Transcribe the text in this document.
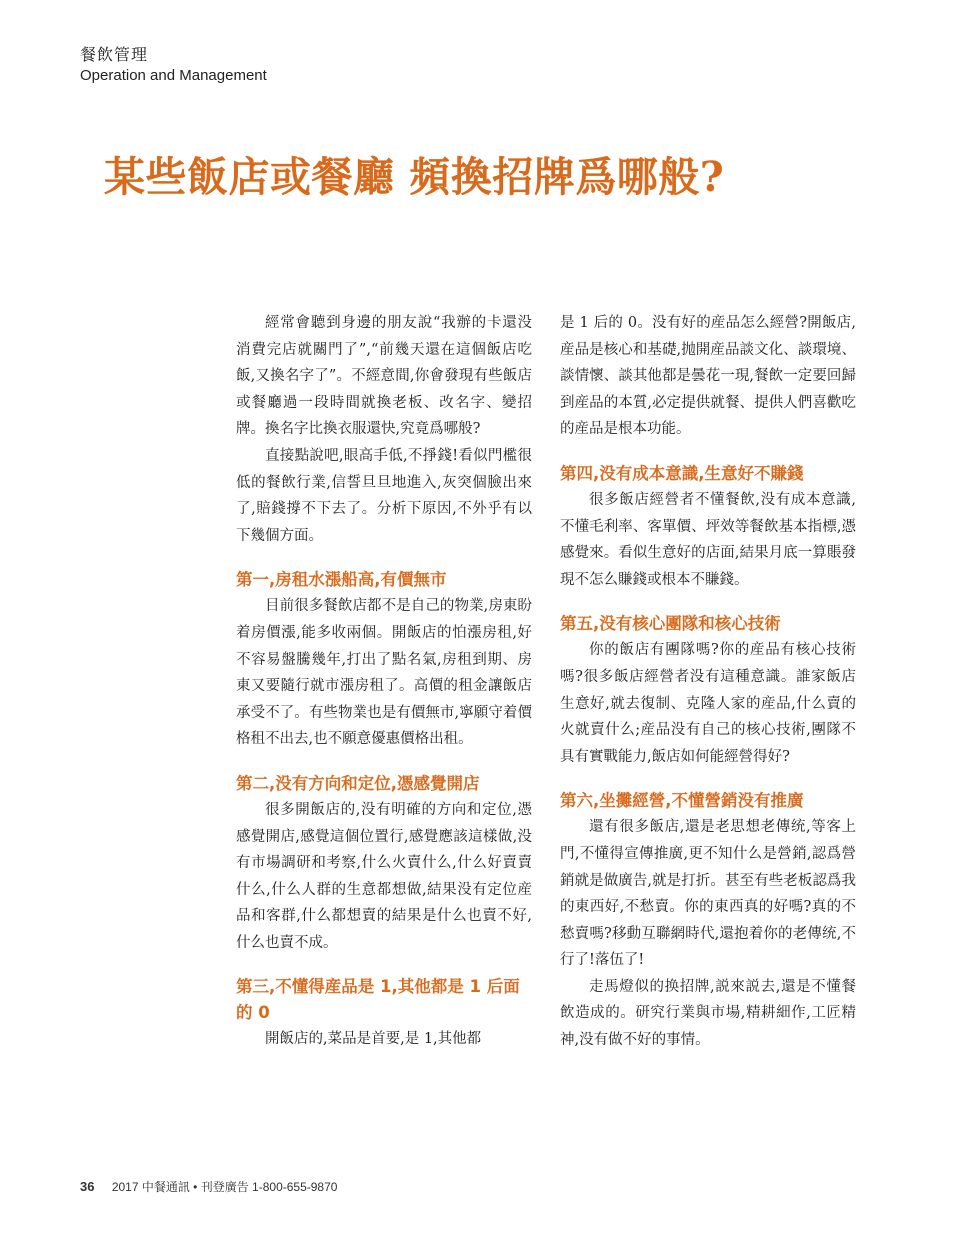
餐飲管理
Operation and Management
某些飯店或餐廳 頻換招牌爲哪般?

經常會聽到身邊的朋友說“我辦的卡還没消費完店就關門了”,“前幾天還在這個飯店吃飯,又換名字了”。不經意間,你會發現有些飯店或餐廳過一段時間就換老板、改名字、變招牌。換名字比換衣服還快,究竟爲哪般?

直接點說吧,眼高手低,不掙錢!看似門檻很低的餐飲行業,信誓旦旦地進入,灰突個臉出來了,賠錢撐不下去了。分析下原因,不外乎有以下幾個方面。

第一,房租水漲船高,有價無市

目前很多餐飲店都不是自己的物業,房東盼着房價漲,能多收兩個。開飯店的怕漲房租,好不容易盤騰幾年,打出了點名氣,房租到期、房東又要隨行就市漲房租了。高價的租金讓飯店承受不了。有些物業也是有價無市,寧願守着價格租不出去,也不願意優惠價格出租。

第二,没有方向和定位,憑感覺開店

很多開飯店的,没有明確的方向和定位,憑感覺開店,感覺這個位置行,感覺應該這樣做,没有市場調研和考察,什么火賣什么,什么好賣賣什么,什么人群的生意都想做,結果没有定位産品和客群,什么都想賣的結果是什么也賣不好,什么也賣不成。

第三,不懂得産品是 1,其他都是 1 后面的 0

開飯店的,菜品是首要,是 1,其他都

是 1 后的 0。没有好的産品怎么經營?開飯店,産品是核心和基礎,抛開産品談文化、談環境、談情懷、談其他都是曇花一現,餐飲一定要回歸到産品的本質,必定提供就餐、提供人們喜歡吃的産品是根本功能。

第四,没有成本意識,生意好不賺錢

很多飯店經營者不懂餐飲,没有成本意識,不懂毛利率、客單價、坪效等餐飲基本指標,憑感覺來。看似生意好的店面,結果月底一算賬發現不怎么賺錢或根本不賺錢。

第五,没有核心團隊和核心技術

你的飯店有團隊嗎?你的産品有核心技術嗎?很多飯店經營者没有這種意識。誰家飯店生意好,就去復制、克隆人家的産品,什么賣的火就賣什么;産品没有自己的核心技術,團隊不具有實戰能力,飯店如何能經營得好?

第六,坐攤經營,不懂營銷没有推廣

還有很多飯店,還是老思想老傳统,等客上門,不懂得宣傳推廣,更不知什么是營銷,認爲營銷就是做廣告,就是打折。甚至有些老板認爲我的東西好,不愁賣。你的東西真的好嗎?真的不愁賣嗎?移動互聯網時代,還抱着你的老傳统,不行了!落伍了!

走馬燈似的换招牌,説來説去,還是不懂餐飲造成的。研究行業與市場,精耕細作,工匠精神,没有做不好的事情。

36 2017 中餐通訊 • 刊登廣告 1-800-655-9870
